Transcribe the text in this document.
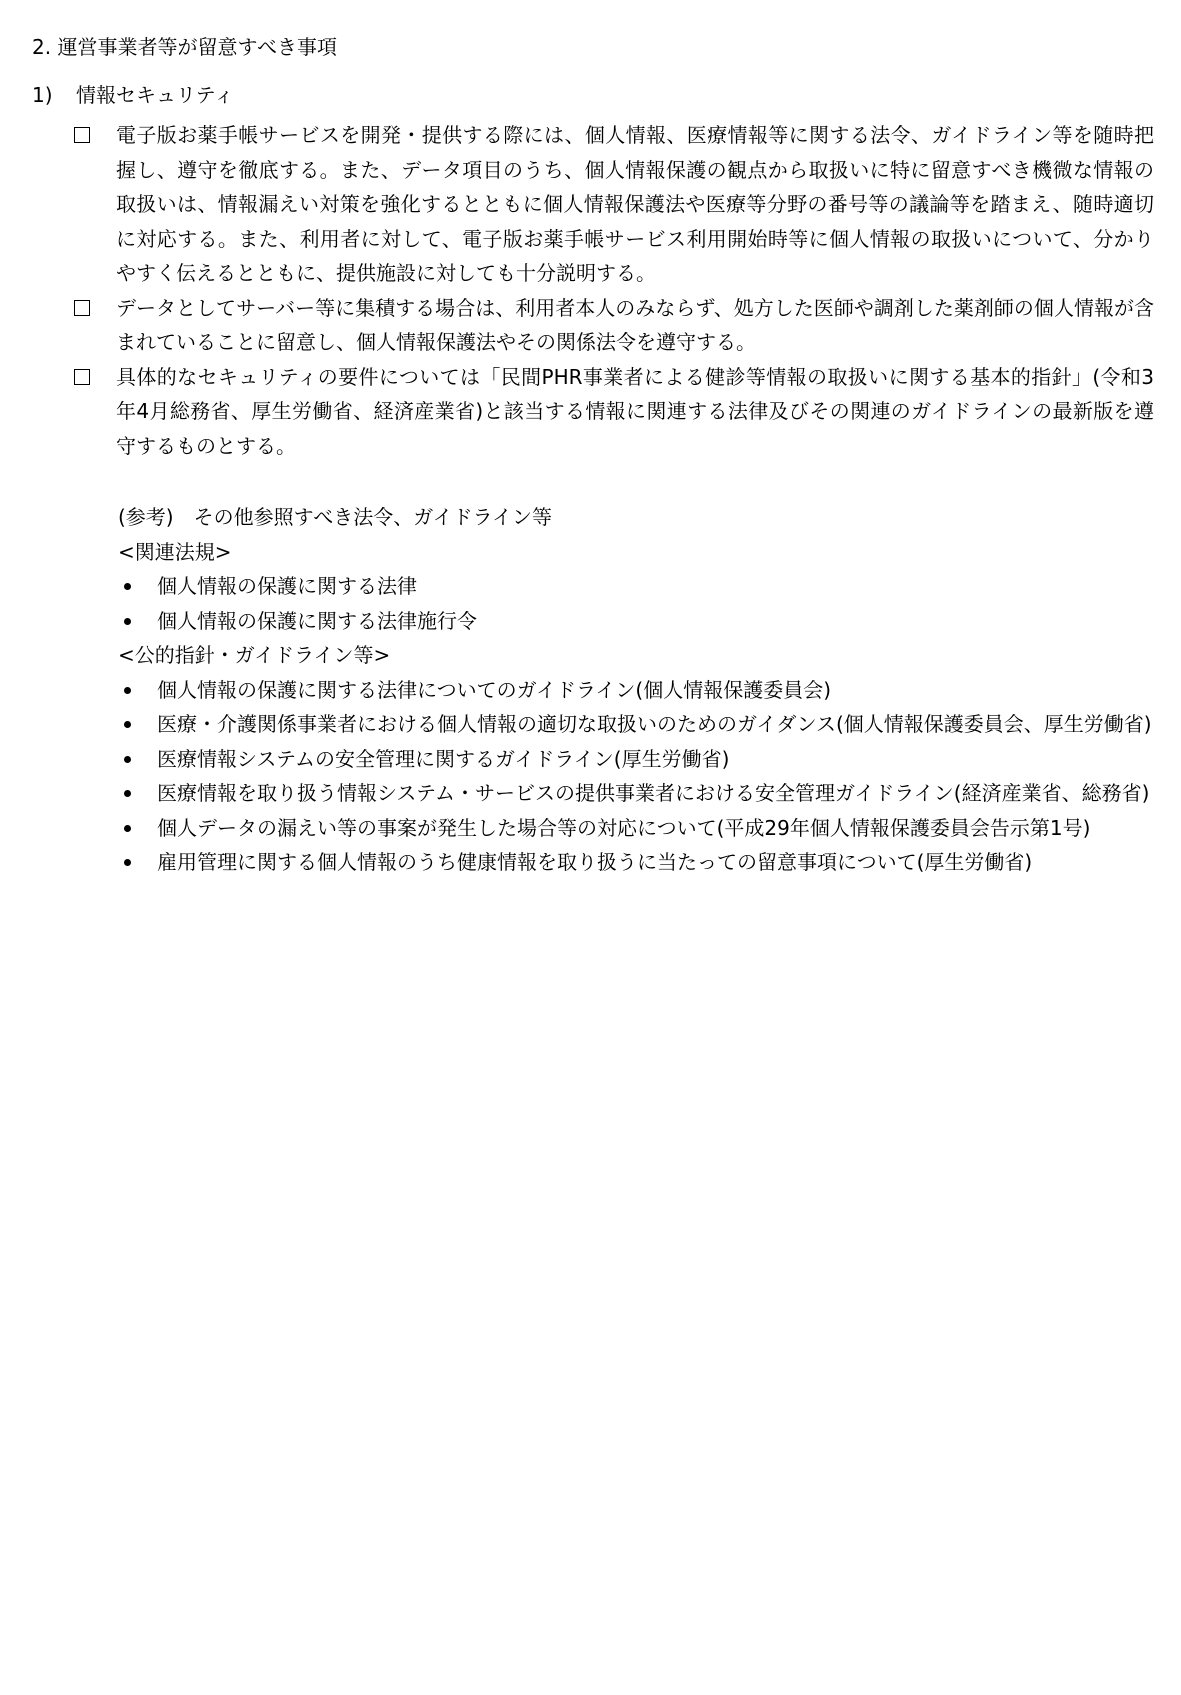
2. 運営事業者等が留意すべき事項
1) 情報セキュリティ
電子版お薬手帳サービスを開発・提供する際には、個人情報、医療情報等に関する法令、ガイドライン等を随時把握し、遵守を徹底する。また、データ項目のうち、個人情報保護の観点から取扱いに特に留意すべき機微な情報の取扱いは、情報漏えい対策を強化するとともに個人情報保護法や医療等分野の番号等の議論等を踏まえ、随時適切に対応する。また、利用者に対して、電子版お薬手帳サービス利用開始時等に個人情報の取扱いについて、分かりやすく伝えるとともに、提供施設に対しても十分説明する。
データとしてサーバー等に集積する場合は、利用者本人のみならず、処方した医師や調剤した薬剤師の個人情報が含まれていることに留意し、個人情報保護法やその関係法令を遵守する。
具体的なセキュリティの要件については「民間PHR事業者による健診等情報の取扱いに関する基本的指針」(令和3年4月総務省、厚生労働省、経済産業省)と該当する情報に関連する法律及びその関連のガイドラインの最新版を遵守するものとする。
(参考)　その他参照すべき法令、ガイドライン等
<関連法規>
個人情報の保護に関する法律
個人情報の保護に関する法律施行令
<公的指針・ガイドライン等>
個人情報の保護に関する法律についてのガイドライン(個人情報保護委員会)
医療・介護関係事業者における個人情報の適切な取扱いのためのガイダンス(個人情報保護委員会、厚生労働省)
医療情報システムの安全管理に関するガイドライン(厚生労働省)
医療情報を取り扱う情報システム・サービスの提供事業者における安全管理ガイドライン(経済産業省、総務省)
個人データの漏えい等の事案が発生した場合等の対応について(平成29年個人情報保護委員会告示第1号)
雇用管理に関する個人情報のうち健康情報を取り扱うに当たっての留意事項について(厚生労働省)
